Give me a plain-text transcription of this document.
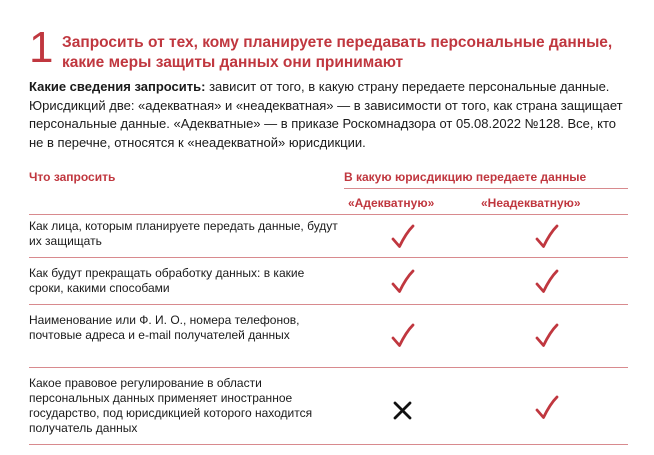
1 Запросить от тех, кому планируете передавать персональные данные, какие меры защиты данных они принимают
Какие сведения запросить: зависит от того, в какую страну передаете персональные данные. Юрисдикций две: «адекватная» и «неадекватная» — в зависимости от того, как страна защищает персональные данные. «Адекватные» — в приказе Роскомнадзора от 05.08.2022 №128. Все, кто не в перечне, относятся к «неадекватной» юрисдикции.
Что запросить	В какую юрисдикцию передаете данные
«Адекватную»	«Неадекватную»
Как лица, которым планируете передать данные, будут их защищать
Как будут прекращать обработку данных: в какие сроки, какими способами
Наименование или Ф. И. О., номера телефонов, почтовые адреса и e-mail получателей данных
Какое правовое регулирование в области персональных данных применяет иностранное государство, под юрисдикцией которого находится получатель данных
